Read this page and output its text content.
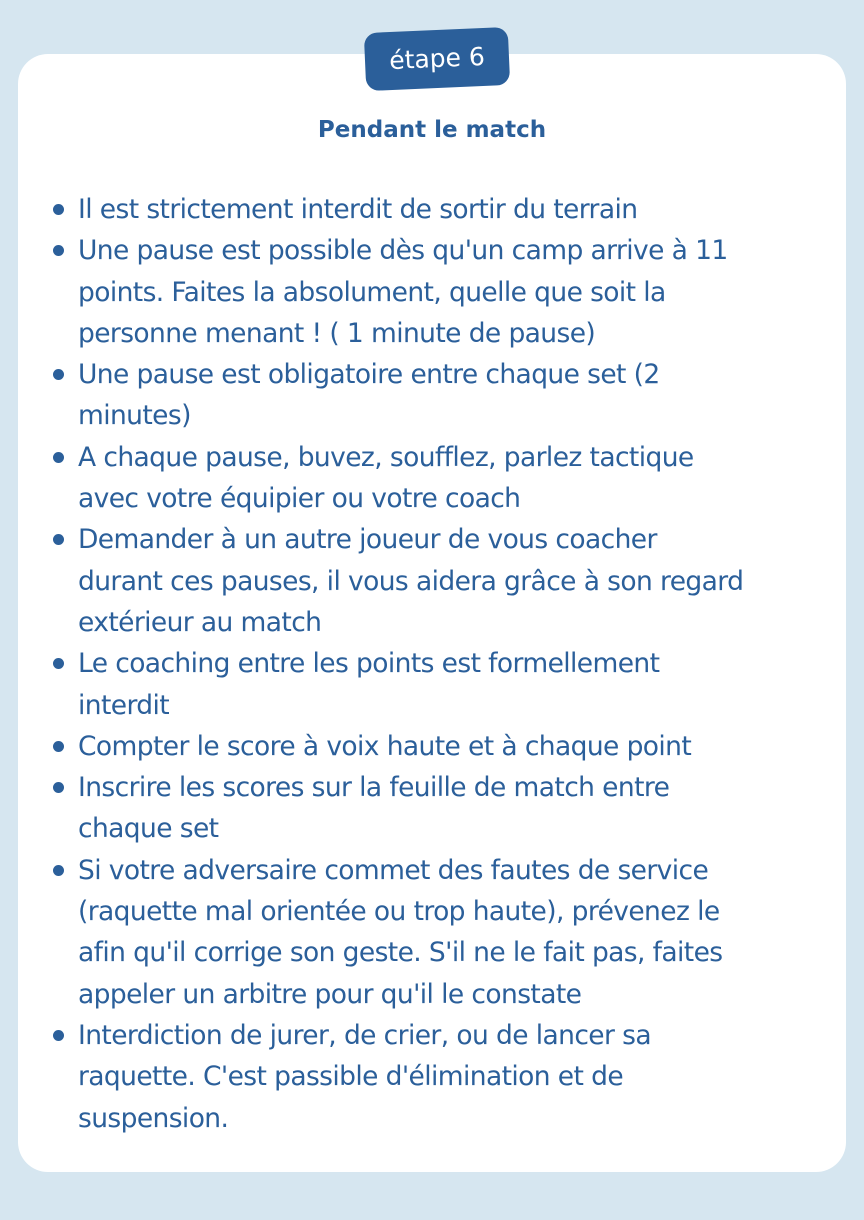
étape 6
Pendant le match
Il est strictement interdit de sortir du terrain
Une pause est possible dès qu'un camp arrive à 11
points. Faites la absolument, quelle que soit la
personne menant ! ( 1 minute de pause)
Une pause est obligatoire entre chaque set (2
minutes)
A chaque pause, buvez, soufflez, parlez tactique
avec votre équipier ou votre coach
Demander à un autre joueur de vous coacher
durant ces pauses, il vous aidera grâce à son regard
extérieur au match
Le coaching entre les points est formellement
interdit
Compter le score à voix haute et à chaque point
Inscrire les scores sur la feuille de match entre
chaque set
Si votre adversaire commet des fautes de service
(raquette mal orientée ou trop haute), prévenez le
afin qu'il corrige son geste. S'il ne le fait pas, faites
appeler un arbitre pour qu'il le constate
Interdiction de jurer, de crier, ou de lancer sa
raquette. C'est passible d'élimination et de
suspension.
